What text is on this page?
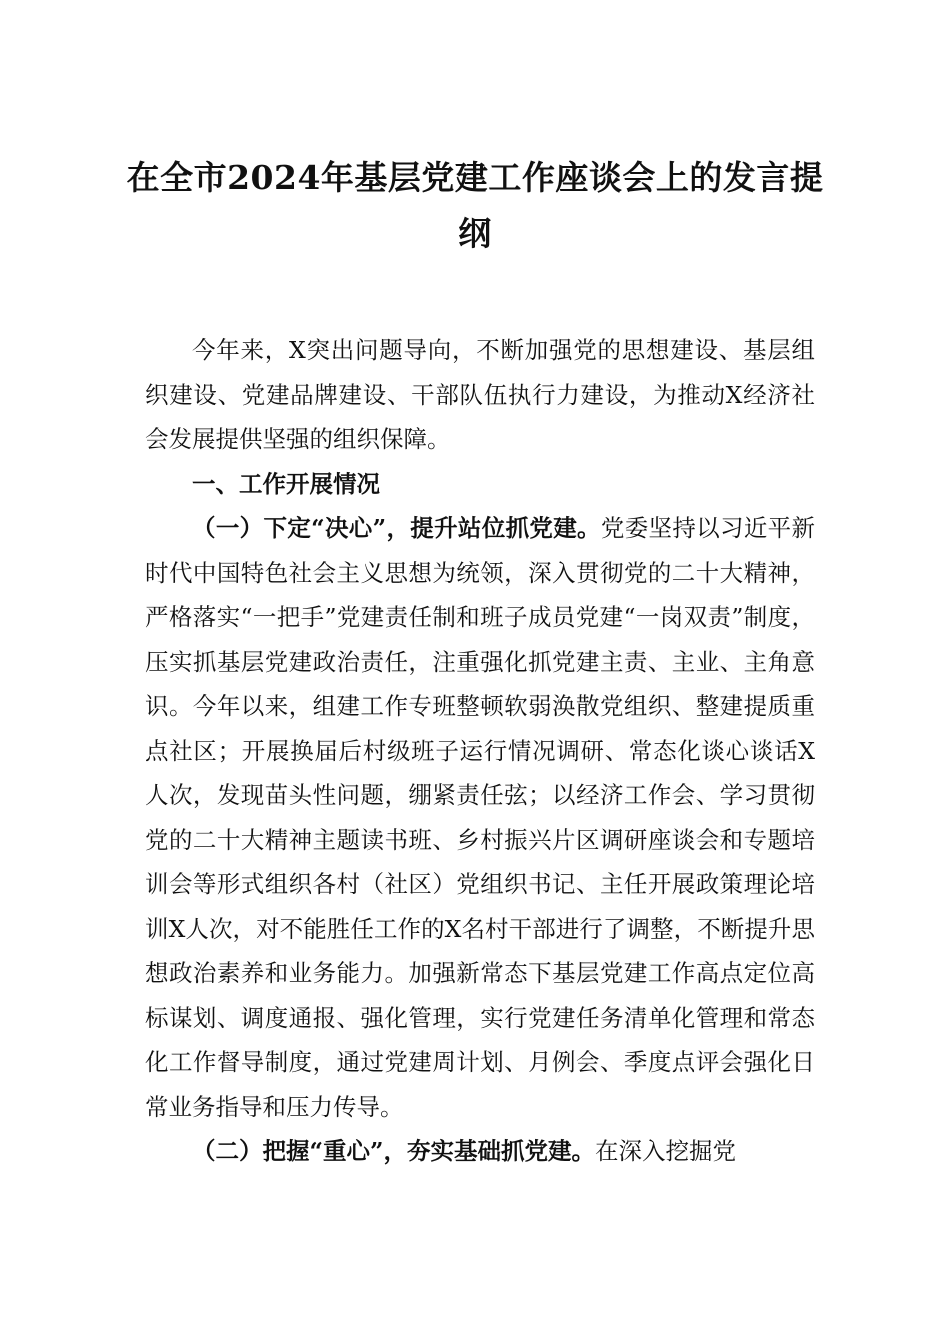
在全市2024年基层党建工作座谈会上的发言提纲

今年来，X突出问题导向，不断加强党的思想建设、基层组织建设、党建品牌建设、干部队伍执行力建设，为推动X经济社会发展提供坚强的组织保障。

一、工作开展情况

（一）下定“决心”，提升站位抓党建。党委坚持以习近平新时代中国特色社会主义思想为统领，深入贯彻党的二十大精神，严格落实“一把手”党建责任制和班子成员党建“一岗双责”制度，压实抓基层党建政治责任，注重强化抓党建主责、主业、主角意识。今年以来，组建工作专班整顿软弱涣散党组织、整建提质重点社区；开展换届后村级班子运行情况调研、常态化谈心谈话X人次，发现苗头性问题，绷紧责任弦；以经济工作会、学习贯彻党的二十大精神主题读书班、乡村振兴片区调研座谈会和专题培训会等形式组织各村（社区）党组织书记、主任开展政策理论培训X人次，对不能胜任工作的X名村干部进行了调整，不断提升思想政治素养和业务能力。加强新常态下基层党建工作高点定位高标谋划、调度通报、强化管理，实行党建任务清单化管理和常态化工作督导制度，通过党建周计划、月例会、季度点评会强化日常业务指导和压力传导。

（二）把握“重心”，夯实基础抓党建。在深入挖掘党
